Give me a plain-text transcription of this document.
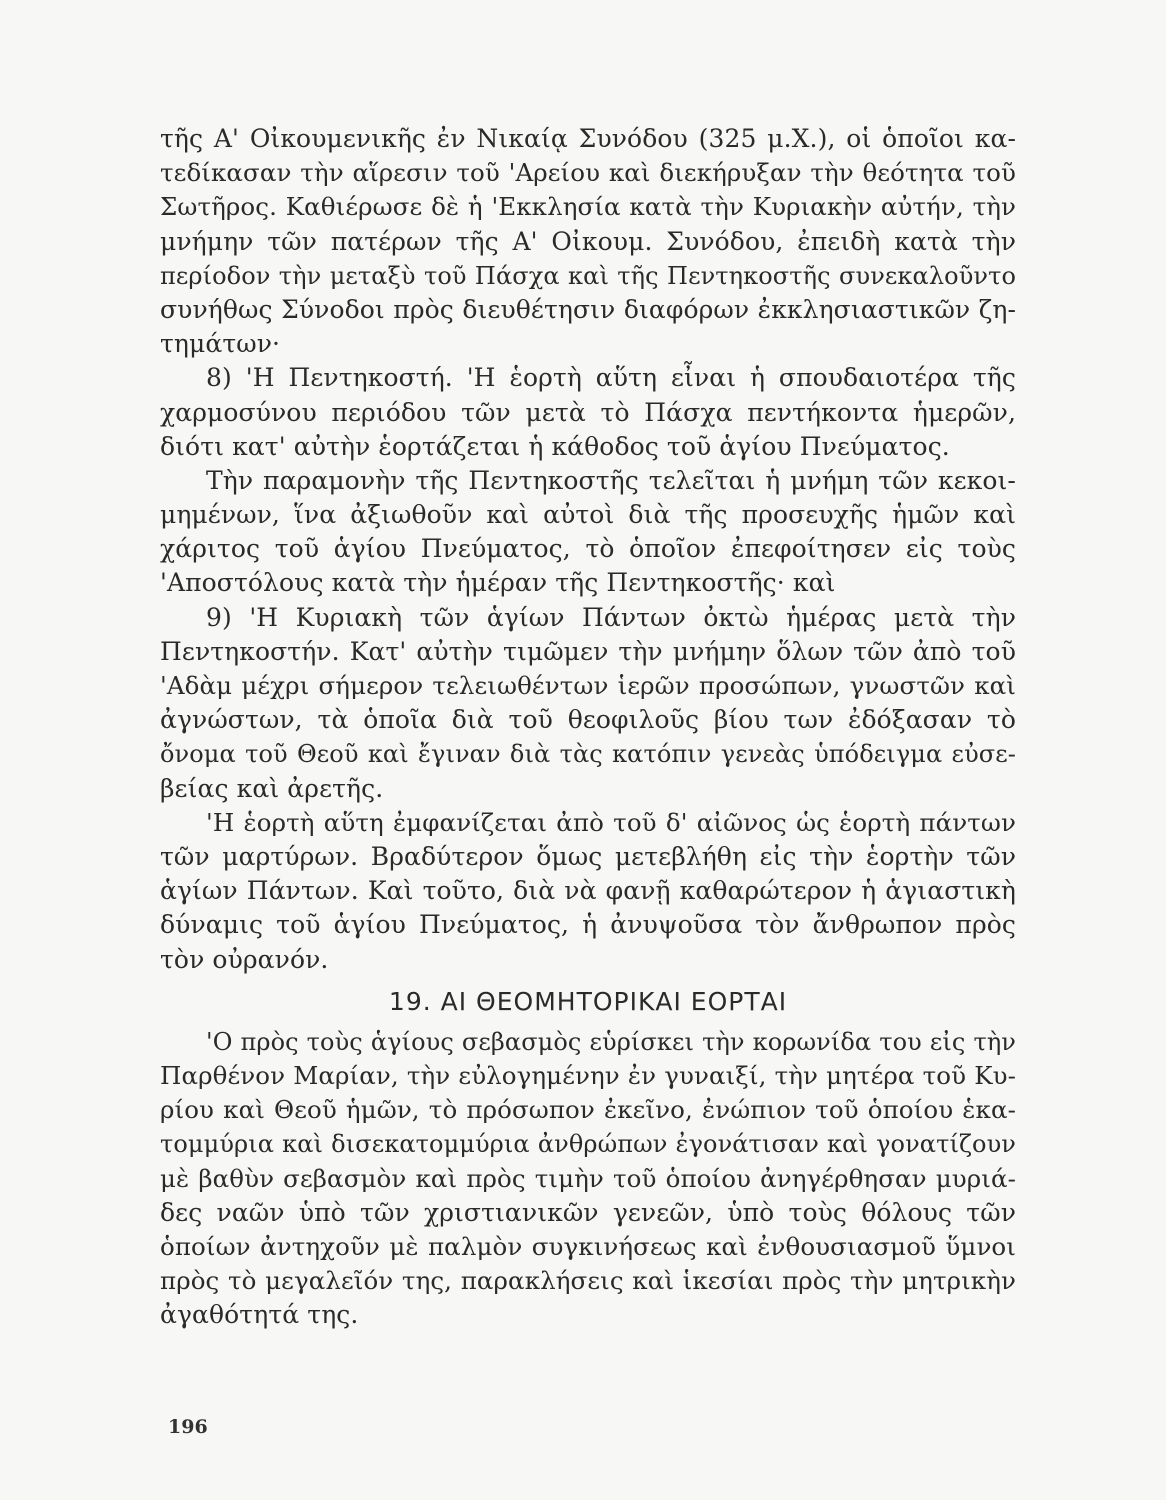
τῆς Α' Οἰκουμενικῆς ἐν Νικαίᾳ Συνόδου (325 μ.Χ.), οἱ ὁποῖοι κα-
τεδίκασαν τὴν αἵρεσιν τοῦ 'Αρείου καὶ διεκήρυξαν τὴν θεότητα τοῦ
Σωτῆρος. Καθιέρωσε δὲ ἡ 'Εκκλησία κατὰ τὴν Κυριακὴν αὐτήν, τὴν
μνήμην τῶν πατέρων τῆς Α' Οἰκουμ. Συνόδου, ἐπειδὴ κατὰ τὴν
περίοδον τὴν μεταξὺ τοῦ Πάσχα καὶ τῆς Πεντηκοστῆς συνεκαλοῦντο
συνήθως Σύνοδοι πρὸς διευθέτησιν διαφόρων ἐκκλησιαστικῶν ζη-
τημάτων·
8) 'Η Πεντηκοστή. 'Η ἑορτὴ αὕτη εἶναι ἡ σπουδαιοτέρα τῆς
χαρμοσύνου περιόδου τῶν μετὰ τὸ Πάσχα πεντήκοντα ἡμερῶν,
διότι κατ' αὐτὴν ἑορτάζεται ἡ κάθοδος τοῦ ἁγίου Πνεύματος.
Τὴν παραμονὴν τῆς Πεντηκοστῆς τελεῖται ἡ μνήμη τῶν κεκοι-
μημένων, ἵνα ἀξιωθοῦν καὶ αὐτοὶ διὰ τῆς προσευχῆς ἡμῶν καὶ
χάριτος τοῦ ἁγίου Πνεύματος, τὸ ὁποῖον ἐπεφοίτησεν εἰς τοὺς
'Αποστόλους κατὰ τὴν ἡμέραν τῆς Πεντηκοστῆς· καὶ
9) 'Η Κυριακὴ τῶν ἁγίων Πάντων ὀκτὼ ἡμέρας μετὰ τὴν
Πεντηκοστήν. Κατ' αὐτὴν τιμῶμεν τὴν μνήμην ὅλων τῶν ἀπὸ τοῦ
'Αδὰμ μέχρι σήμερον τελειωθέντων ἱερῶν προσώπων, γνωστῶν καὶ
ἀγνώστων, τὰ ὁποῖα διὰ τοῦ θεοφιλοῦς βίου των ἐδόξασαν τὸ
ὄνομα τοῦ Θεοῦ καὶ ἔγιναν διὰ τὰς κατόπιν γενεὰς ὑπόδειγμα εὐσε-
βείας καὶ ἀρετῆς.
'Η ἑορτὴ αὕτη ἐμφανίζεται ἀπὸ τοῦ δ' αἰῶνος ὡς ἑορτὴ πάντων
τῶν μαρτύρων. Βραδύτερον ὅμως μετεβλήθη εἰς τὴν ἑορτὴν τῶν
ἁγίων Πάντων. Καὶ τοῦτο, διὰ νὰ φανῇ καθαρώτερον ἡ ἁγιαστικὴ
δύναμις τοῦ ἁγίου Πνεύματος, ἡ ἀνυψοῦσα τὸν ἄνθρωπον πρὸς
τὸν οὐρανόν.
19. ΑΙ ΘΕΟΜΗΤΟΡΙΚΑΙ ΕΟΡΤΑΙ
'Ο πρὸς τοὺς ἁγίους σεβασμὸς εὑρίσκει τὴν κορωνίδα του εἰς τὴν
Παρθένον Μαρίαν, τὴν εὐλογημένην ἐν γυναιξί, τὴν μητέρα τοῦ Κυ-
ρίου καὶ Θεοῦ ἡμῶν, τὸ πρόσωπον ἐκεῖνο, ἐνώπιον τοῦ ὁποίου ἑκα-
τομμύρια καὶ δισεκατομμύρια ἀνθρώπων ἐγονάτισαν καὶ γονατίζουν
μὲ βαθὺν σεβασμὸν καὶ πρὸς τιμὴν τοῦ ὁποίου ἀνηγέρθησαν μυριά-
δες ναῶν ὑπὸ τῶν χριστιανικῶν γενεῶν, ὑπὸ τοὺς θόλους τῶν
ὁποίων ἀντηχοῦν μὲ παλμὸν συγκινήσεως καὶ ἐνθουσιασμοῦ ὕμνοι
πρὸς τὸ μεγαλεῖόν της, παρακλήσεις καὶ ἱκεσίαι πρὸς τὴν μητρικὴν
ἀγαθότητά της.
196
